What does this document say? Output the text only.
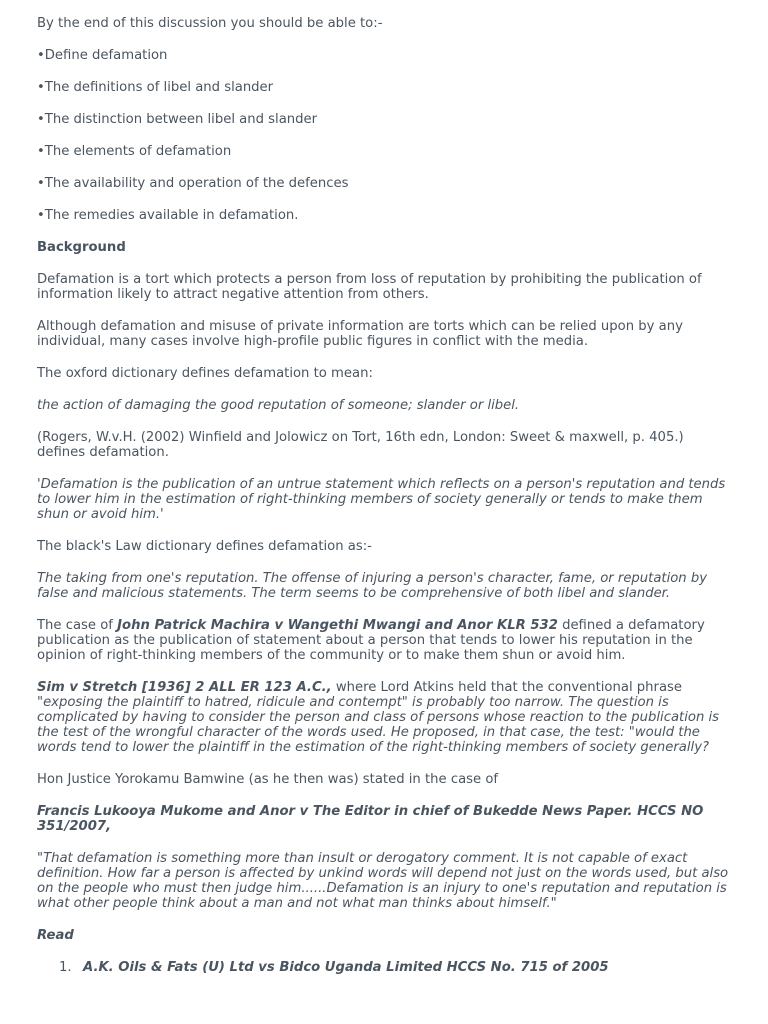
By the end of this discussion you should be able to:-

•Define defamation

•The definitions of libel and slander

•The distinction between libel and slander

•The elements of defamation

•The availability and operation of the defences

•The remedies available in defamation.

Background

Defamation is a tort which protects a person from loss of reputation by prohibiting the publication of information likely to attract negative attention from others.

Although defamation and misuse of private information are torts which can be relied upon by any individual, many cases involve high-profile public figures in conflict with the media.

The oxford dictionary defines defamation to mean:

the action of damaging the good reputation of someone; slander or libel.

(Rogers, W.v.H. (2002) Winfield and Jolowicz on Tort, 16th edn, London: Sweet & maxwell, p. 405.) defines defamation.

'Defamation is the publication of an untrue statement which reflects on a person's reputation and tends to lower him in the estimation of right-thinking members of society generally or tends to make them shun or avoid him.'

The black's Law dictionary defines defamation as:-

The taking from one's reputation. The offense of injuring a person's character, fame, or reputation by false and malicious statements. The term seems to be comprehensive of both libel and slander.

The case of John Patrick Machira v Wangethi Mwangi and Anor KLR 532 defined a defamatory publication as the publication of statement about a person that tends to lower his reputation in the opinion of right-thinking members of the community or to make them shun or avoid him.

Sim v Stretch [1936] 2 ALL ER 123 A.C., where Lord Atkins held that the conventional phrase "exposing the plaintiff to hatred, ridicule and contempt" is probably too narrow. The question is complicated by having to consider the person and class of persons whose reaction to the publication is the test of the wrongful character of the words used. He proposed, in that case, the test: "would the words tend to lower the plaintiff in the estimation of the right-thinking members of society generally?

Hon Justice Yorokamu Bamwine (as he then was) stated in the case of

Francis Lukooya Mukome and Anor v The Editor in chief of Bukedde News Paper. HCCS NO 351/2007,

"That defamation is something more than insult or derogatory comment. It is not capable of exact definition. How far a person is affected by unkind words will depend not just on the words used, but also on the people who must then judge him......Defamation is an injury to one's reputation and reputation is what other people think about a man and not what man thinks about himself."

Read

1. A.K. Oils & Fats (U) Ltd vs Bidco Uganda Limited HCCS No. 715 of 2005
